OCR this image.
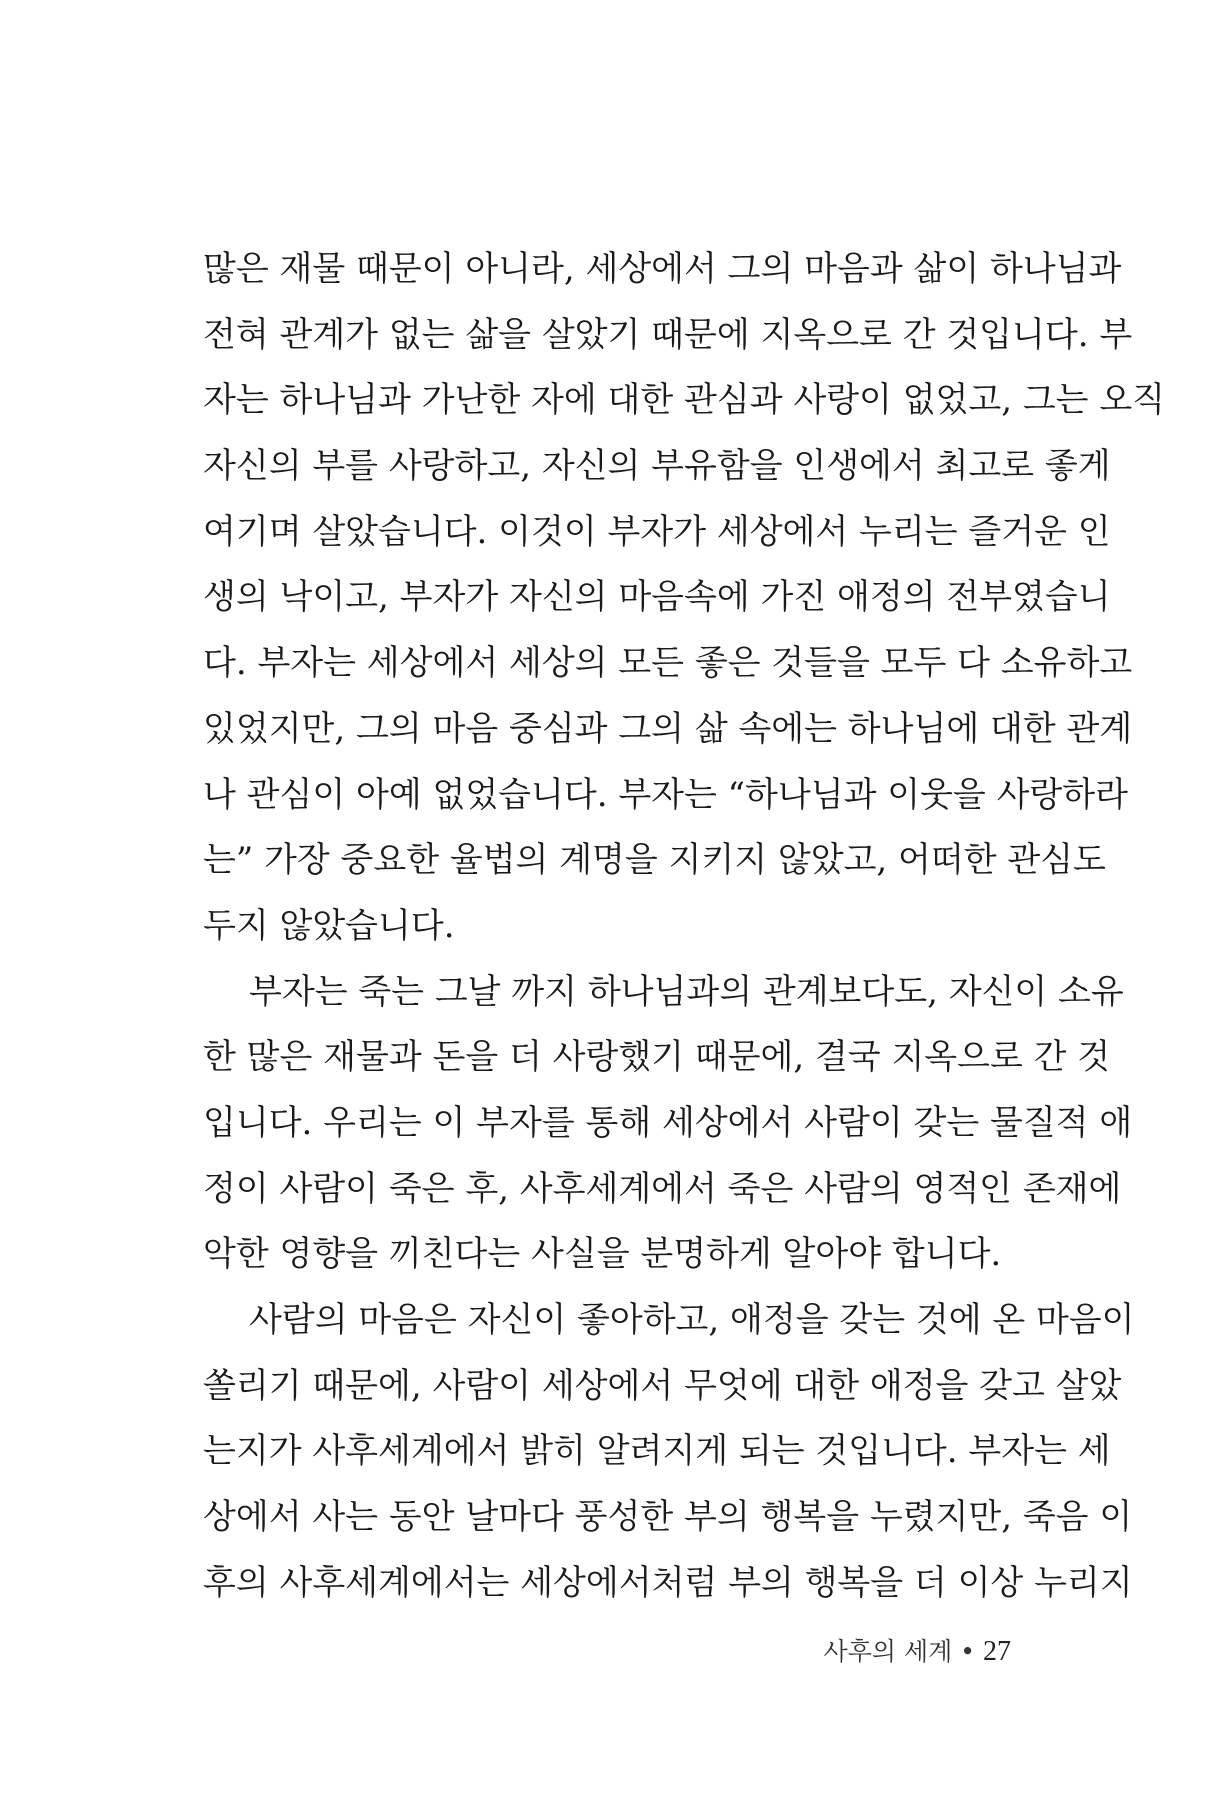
많은 재물 때문이 아니라, 세상에서 그의 마음과 삶이 하나님과
전혀 관계가 없는 삶을 살았기 때문에 지옥으로 간 것입니다. 부
자는 하나님과 가난한 자에 대한 관심과 사랑이 없었고, 그는 오직
자신의 부를 사랑하고, 자신의 부유함을 인생에서 최고로 좋게
여기며 살았습니다. 이것이 부자가 세상에서 누리는 즐거운 인
생의 낙이고, 부자가 자신의 마음속에 가진 애정의 전부였습니
다. 부자는 세상에서 세상의 모든 좋은 것들을 모두 다 소유하고
있었지만, 그의 마음 중심과 그의 삶 속에는 하나님에 대한 관계
나 관심이 아예 없었습니다. 부자는 “하나님과 이웃을 사랑하라
는” 가장 중요한 율법의 계명을 지키지 않았고, 어떠한 관심도
두지 않았습니다.
부자는 죽는 그날 까지 하나님과의 관계보다도, 자신이 소유
한 많은 재물과 돈을 더 사랑했기 때문에, 결국 지옥으로 간 것
입니다. 우리는 이 부자를 통해 세상에서 사람이 갖는 물질적 애
정이 사람이 죽은 후, 사후세계에서 죽은 사람의 영적인 존재에
악한 영향을 끼친다는 사실을 분명하게 알아야 합니다.
사람의 마음은 자신이 좋아하고, 애정을 갖는 것에 온 마음이
쏠리기 때문에, 사람이 세상에서 무엇에 대한 애정을 갖고 살았
는지가 사후세계에서 밝히 알려지게 되는 것입니다. 부자는 세
상에서 사는 동안 날마다 풍성한 부의 행복을 누렸지만, 죽음 이
후의 사후세계에서는 세상에서처럼 부의 행복을 더 이상 누리지
사후의 세계 • 27
